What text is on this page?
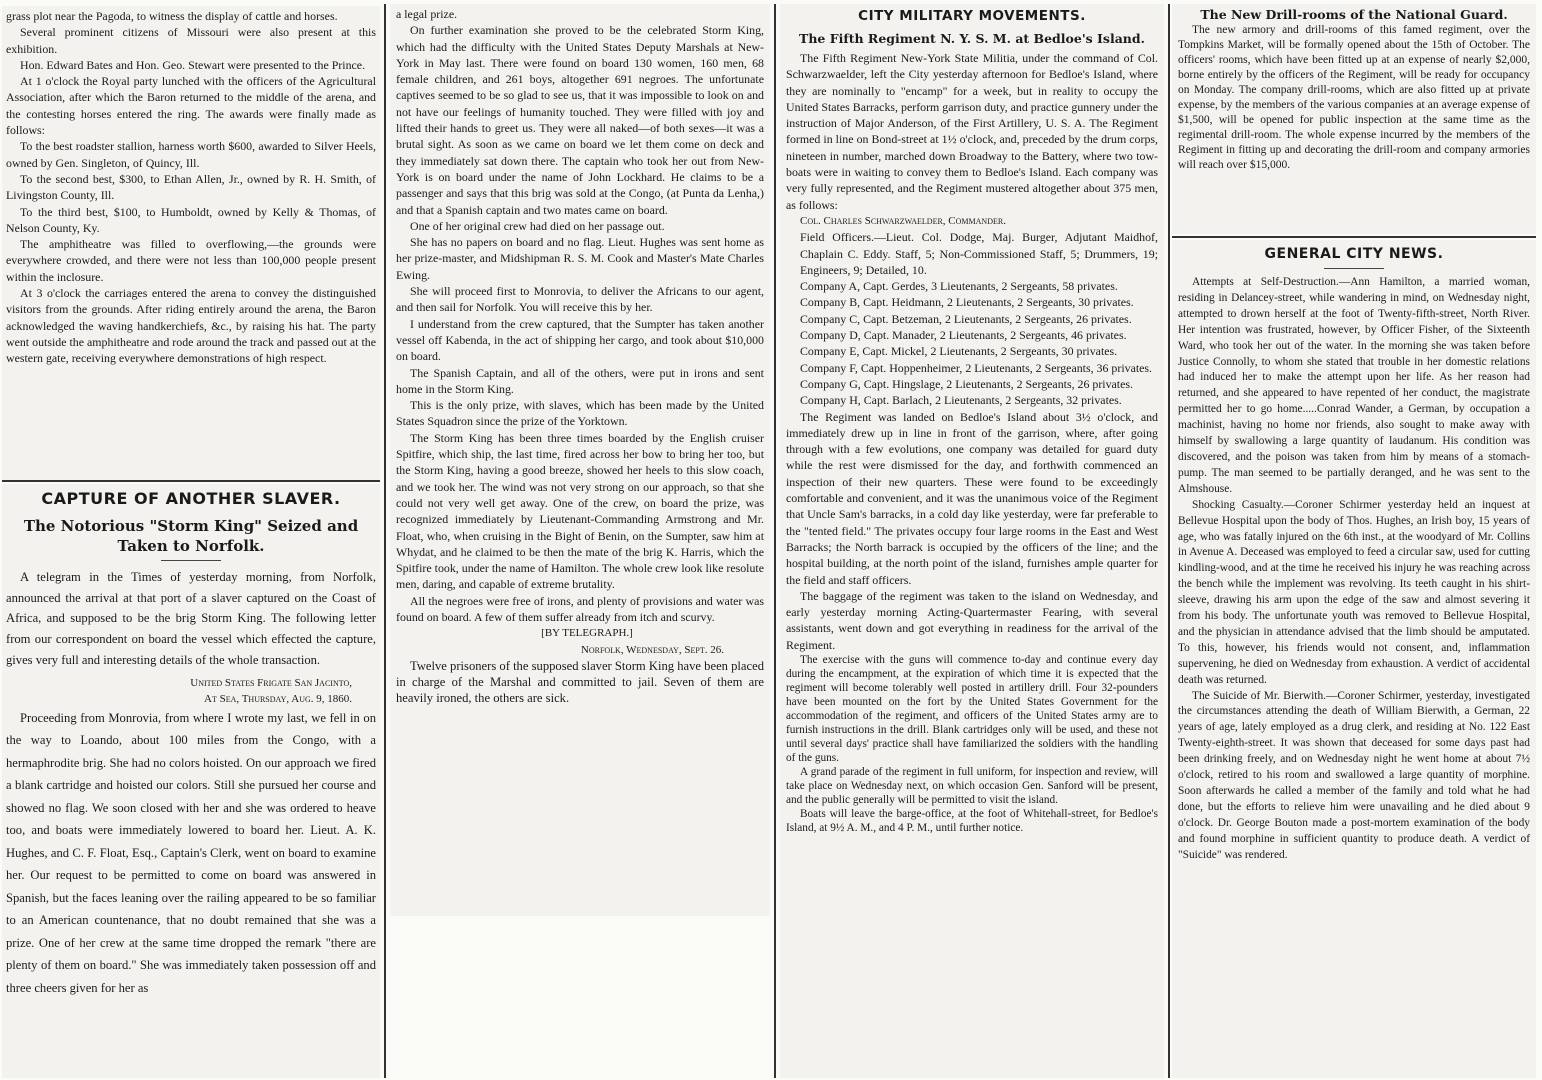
grass plot near the Pagoda, to witness the display of cattle and horses.

Several prominent citizens of Missouri were also present at this exhibition.

Hon. Edward Bates and Hon. Geo. Stewart were presented to the Prince.

At 1 o'clock the Royal party lunched with the officers of the Agricultural Association, after which the Baron returned to the middle of the arena, and the contesting horses entered the ring. The awards were finally made as follows:

To the best roadster stallion, harness worth $600, awarded to Silver Heels, owned by Gen. Singleton, of Quincy, Ill.

To the second best, $300, to Ethan Allen, Jr., owned by R. H. Smith, of Livingston County, Ill.

To the third best, $100, to Humboldt, owned by Kelly & Thomas, of Nelson County, Ky.

The amphitheatre was filled to overflowing,—the grounds were everywhere crowded, and there were not less than 100,000 people present within the inclosure.

At 3 o'clock the carriages entered the arena to convey the distinguished visitors from the grounds. After riding entirely around the arena, the Baron acknowledged the waving handkerchiefs, &c., by raising his hat. The party went outside the amphitheatre and rode around the track and passed out at the western gate, receiving everywhere demonstrations of high respect.

CAPTURE OF ANOTHER SLAVER.

The Notorious "Storm King" Seized and Taken to Norfolk.

A telegram in the Times of yesterday morning, from Norfolk, announced the arrival at that port of a slaver captured on the Coast of Africa, and supposed to be the brig Storm King. The following letter from our correspondent on board the vessel which effected the capture, gives very full and interesting details of the whole transaction.

United States Frigate San Jacinto,

At Sea, Thursday, Aug. 9, 1860.

Proceeding from Monrovia, from where I wrote my last, we fell in on the way to Loando, about 100 miles from the Congo, with a hermaphrodite brig. She had no colors hoisted. On our approach we fired a blank cartridge and hoisted our colors. Still she pursued her course and showed no flag. We soon closed with her and she was ordered to heave too, and boats were immediately lowered to board her. Lieut. A. K. Hughes, and C. F. Float, Esq., Captain's Clerk, went on board to examine her. Our request to be permitted to come on board was answered in Spanish, but the faces leaning over the railing appeared to be so familiar to an American countenance, that no doubt remained that she was a prize. One of her crew at the same time dropped the remark "there are plenty of them on board." She was immediately taken possession off and three cheers given for her as

a legal prize.

On further examination she proved to be the celebrated Storm King, which had the difficulty with the United States Deputy Marshals at New-York in May last. There were found on board 130 women, 160 men, 68 female children, and 261 boys, altogether 691 negroes. The unfortunate captives seemed to be so glad to see us, that it was impossible to look on and not have our feelings of humanity touched. They were filled with joy and lifted their hands to greet us. They were all naked—of both sexes—it was a brutal sight. As soon as we came on board we let them come on deck and they immediately sat down there. The captain who took her out from New-York is on board under the name of John Lockhard. He claims to be a passenger and says that this brig was sold at the Congo, (at Punta da Lenha,) and that a Spanish captain and two mates came on board.

One of her original crew had died on her passage out.

She has no papers on board and no flag. Lieut. Hughes was sent home as her prize-master, and Midshipman R. S. M. Cook and Master's Mate Charles Ewing.

She will proceed first to Monrovia, to deliver the Africans to our agent, and then sail for Norfolk. You will receive this by her.

I understand from the crew captured, that the Sumpter has taken another vessel off Kabenda, in the act of shipping her cargo, and took about $10,000 on board.

The Spanish Captain, and all of the others, were put in irons and sent home in the Storm King.

This is the only prize, with slaves, which has been made by the United States Squadron since the prize of the Yorktown.

The Storm King has been three times boarded by the English cruiser Spitfire, which ship, the last time, fired across her bow to bring her too, but the Storm King, having a good breeze, showed her heels to this slow coach, and we took her. The wind was not very strong on our approach, so that she could not very well get away. One of the crew, on board the prize, was recognized immediately by Lieutenant-Commanding Armstrong and Mr. Float, who, when cruising in the Bight of Benin, on the Sumpter, saw him at Whydat, and he claimed to be then the mate of the brig K. Harris, which the Spitfire took, under the name of Hamilton. The whole crew look like resolute men, daring, and capable of extreme brutality.

All the negroes were free of irons, and plenty of provisions and water was found on board. A few of them suffer already from itch and scurvy.

[BY TELEGRAPH.]

Norfolk, Wednesday, Sept. 26.

Twelve prisoners of the supposed slaver Storm King have been placed in charge of the Marshal and committed to jail. Seven of them are heavily ironed, the others are sick.

CITY MILITARY MOVEMENTS.

The Fifth Regiment N. Y. S. M. at Bedloe's Island.

The Fifth Regiment New-York State Militia, under the command of Col. Schwarzwaelder, left the City yesterday afternoon for Bedloe's Island, where they are nominally to "encamp" for a week, but in reality to occupy the United States Barracks, perform garrison duty, and practice gunnery under the instruction of Major Anderson, of the First Artillery, U. S. A. The Regiment formed in line on Bond-street at 1½ o'clock, and, preceded by the drum corps, nineteen in number, marched down Broadway to the Battery, where two tow-boats were in waiting to convey them to Bedloe's Island. Each company was very fully represented, and the Regiment mustered altogether about 375 men, as follows:

Col. Charles Schwarzwaelder, Commander.

Field Officers.—Lieut. Col. Dodge, Maj. Burger, Adjutant Maidhof, Chaplain C. Eddy. Staff, 5; Non-Commissioned Staff, 5; Drummers, 19; Engineers, 9; Detailed, 10.

Company A, Capt. Gerdes, 3 Lieutenants, 2 Sergeants, 58 privates.

Company B, Capt. Heidmann, 2 Lieutenants, 2 Sergeants, 30 privates.

Company C, Capt. Betzeman, 2 Lieutenants, 2 Sergeants, 26 privates.

Company D, Capt. Manader, 2 Lieutenants, 2 Sergeants, 46 privates.

Company E, Capt. Mickel, 2 Lieutenants, 2 Sergeants, 30 privates.

Company F, Capt. Hoppenheimer, 2 Lieutenants, 2 Sergeants, 36 privates.

Company G, Capt. Hingslage, 2 Lieutenants, 2 Sergeants, 26 privates.

Company H, Capt. Barlach, 2 Lieutenants, 2 Sergeants, 32 privates.

The Regiment was landed on Bedloe's Island about 3½ o'clock, and immediately drew up in line in front of the garrison, where, after going through with a few evolutions, one company was detailed for guard duty while the rest were dismissed for the day, and forthwith commenced an inspection of their new quarters. These were found to be exceedingly comfortable and convenient, and it was the unanimous voice of the Regiment that Uncle Sam's barracks, in a cold day like yesterday, were far preferable to the "tented field." The privates occupy four large rooms in the East and West Barracks; the North barrack is occupied by the officers of the line; and the hospital building, at the north point of the island, furnishes ample quarter for the field and staff officers.

The baggage of the regiment was taken to the island on Wednesday, and early yesterday morning Acting-Quartermaster Fearing, with several assistants, went down and got everything in readiness for the arrival of the Regiment.

The exercise with the guns will commence to-day and continue every day during the encampment, at the expiration of which time it is expected that the regiment will become tolerably well posted in artillery drill. Four 32-pounders have been mounted on the fort by the United States Government for the accommodation of the regiment, and officers of the United States army are to furnish instructions in the drill. Blank cartridges only will be used, and these not until several days' practice shall have familiarized the soldiers with the handling of the guns.

A grand parade of the regiment in full uniform, for inspection and review, will take place on Wednesday next, on which occasion Gen. Sanford will be present, and the public generally will be permitted to visit the island.

Boats will leave the barge-office, at the foot of Whitehall-street, for Bedloe's Island, at 9½ A. M., and 4 P. M., until further notice.

The New Drill-rooms of the National Guard.

The new armory and drill-rooms of this famed regiment, over the Tompkins Market, will be formally opened about the 15th of October. The officers' rooms, which have been fitted up at an expense of nearly $2,000, borne entirely by the officers of the Regiment, will be ready for occupancy on Monday. The company drill-rooms, which are also fitted up at private expense, by the members of the various companies at an average expense of $1,500, will be opened for public inspection at the same time as the regimental drill-room. The whole expense incurred by the members of the Regiment in fitting up and decorating the drill-room and company armories will reach over $15,000.

GENERAL CITY NEWS.

Attempts at Self-Destruction.—Ann Hamilton, a married woman, residing in Delancey-street, while wandering in mind, on Wednesday night, attempted to drown herself at the foot of Twenty-fifth-street, North River. Her intention was frustrated, however, by Officer Fisher, of the Sixteenth Ward, who took her out of the water. In the morning she was taken before Justice Connolly, to whom she stated that trouble in her domestic relations had induced her to make the attempt upon her life. As her reason had returned, and she appeared to have repented of her conduct, the magistrate permitted her to go home.....Conrad Wander, a German, by occupation a machinist, having no home nor friends, also sought to make away with himself by swallowing a large quantity of laudanum. His condition was discovered, and the poison was taken from him by means of a stomach-pump. The man seemed to be partially deranged, and he was sent to the Almshouse.

Shocking Casualty.—Coroner Schirmer yesterday held an inquest at Bellevue Hospital upon the body of Thos. Hughes, an Irish boy, 15 years of age, who was fatally injured on the 6th inst., at the woodyard of Mr. Collins in Avenue A. Deceased was employed to feed a circular saw, used for cutting kindling-wood, and at the time he received his injury he was reaching across the bench while the implement was revolving. Its teeth caught in his shirt-sleeve, drawing his arm upon the edge of the saw and almost severing it from his body. The unfortunate youth was removed to Bellevue Hospital, and the physician in attendance advised that the limb should be amputated. To this, however, his friends would not consent, and, inflammation supervening, he died on Wednesday from exhaustion. A verdict of accidental death was returned.

The Suicide of Mr. Bierwith.—Coroner Schirmer, yesterday, investigated the circumstances attending the death of William Bierwith, a German, 22 years of age, lately employed as a drug clerk, and residing at No. 122 East Twenty-eighth-street. It was shown that deceased for some days past had been drinking freely, and on Wednesday night he went home at about 7½ o'clock, retired to his room and swallowed a large quantity of morphine. Soon afterwards he called a member of the family and told what he had done, but the efforts to relieve him were unavailing and he died about 9 o'clock. Dr. George Bouton made a post-mortem examination of the body and found morphine in sufficient quantity to produce death. A verdict of "Suicide" was rendered.
